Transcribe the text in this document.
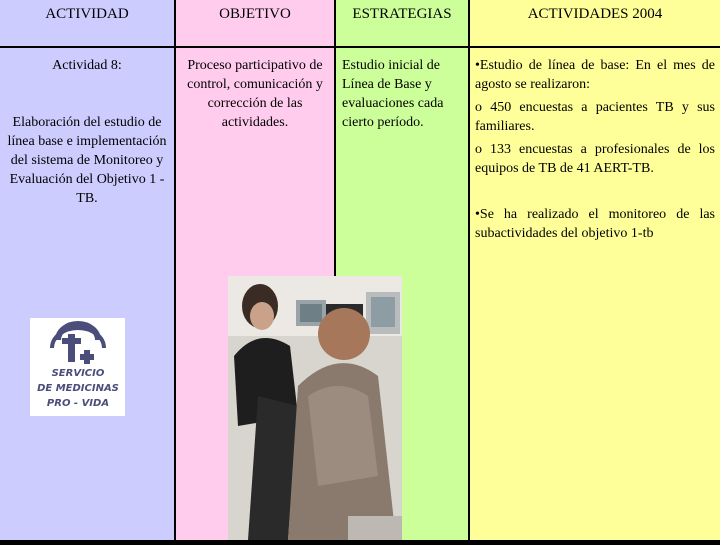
ACTIVIDAD
Actividad 8:
Elaboración del estudio de línea base e implementación del sistema de Monitoreo y Evaluación del Objetivo 1 - TB.
OBJETIVO
Proceso participativo de control, comunicación y corrección de las actividades.
ESTRATEGIAS
Estudio inicial de Línea de Base y evaluaciones cada cierto período.
ACTIVIDADES 2004
•Estudio de línea de base: En el mes de agosto se realizaron:
o 450 encuestas a pacientes TB y sus familiares.
o 133 encuestas a profesionales de los equipos de TB de 41 AERT-TB.
•Se ha realizado el monitoreo de las subactividades del objetivo 1-tb
SERVICIO
DE MEDICINAS
PRO - VIDA
